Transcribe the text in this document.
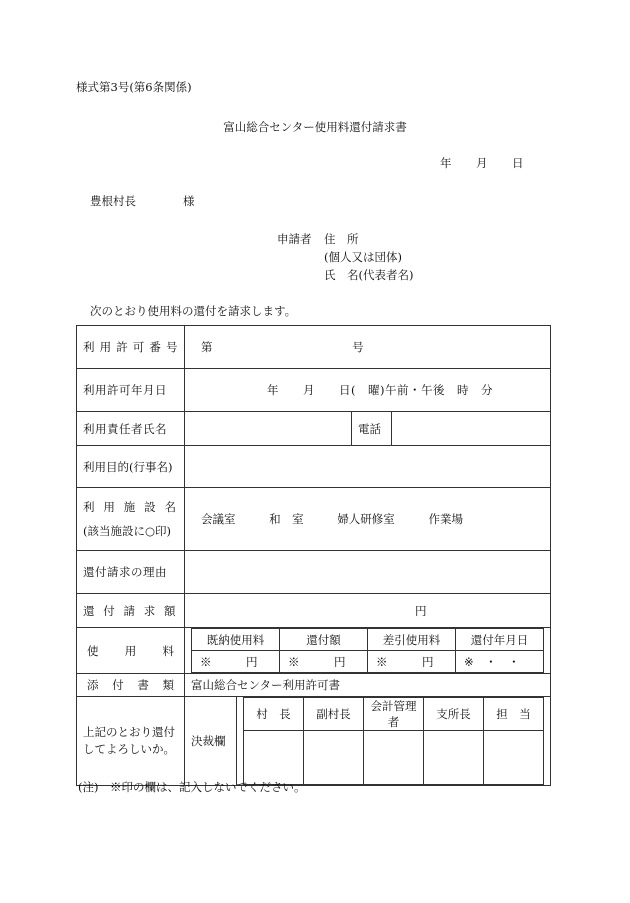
様式第3号(第6条関係)
富山総合センター使用料還付請求書
年 月 日
豊根村長	様
申請者 住　所
(個人又は団体)
氏　名(代表者名)
次のとおり使用料の還付を請求します。
利 用 許 可 番 号	第	号
利用許可年月日	年　　月　　日(　曜)午前・午後　時　分
利用責任者氏名		電話	
利用目的(行事名)	

利 用 施 設 名
(該当施設に○印)
	会議室	和　室	婦人研修室	作業場
還付請求の理由	

還 付 請 求 額	円

使 用 料

既納使用料	還付額	差引使用料	還付年月日
※　　　円	※　　　円	※　　　円	※　・　・

添 付 書 類	富山総合センター利用許可書
上記のとおり還付してよろしいか。	決裁欄	
村　長	副村長	会計管理者	支所長	担　当

(注)　※印の欄は、記入しないでください。
